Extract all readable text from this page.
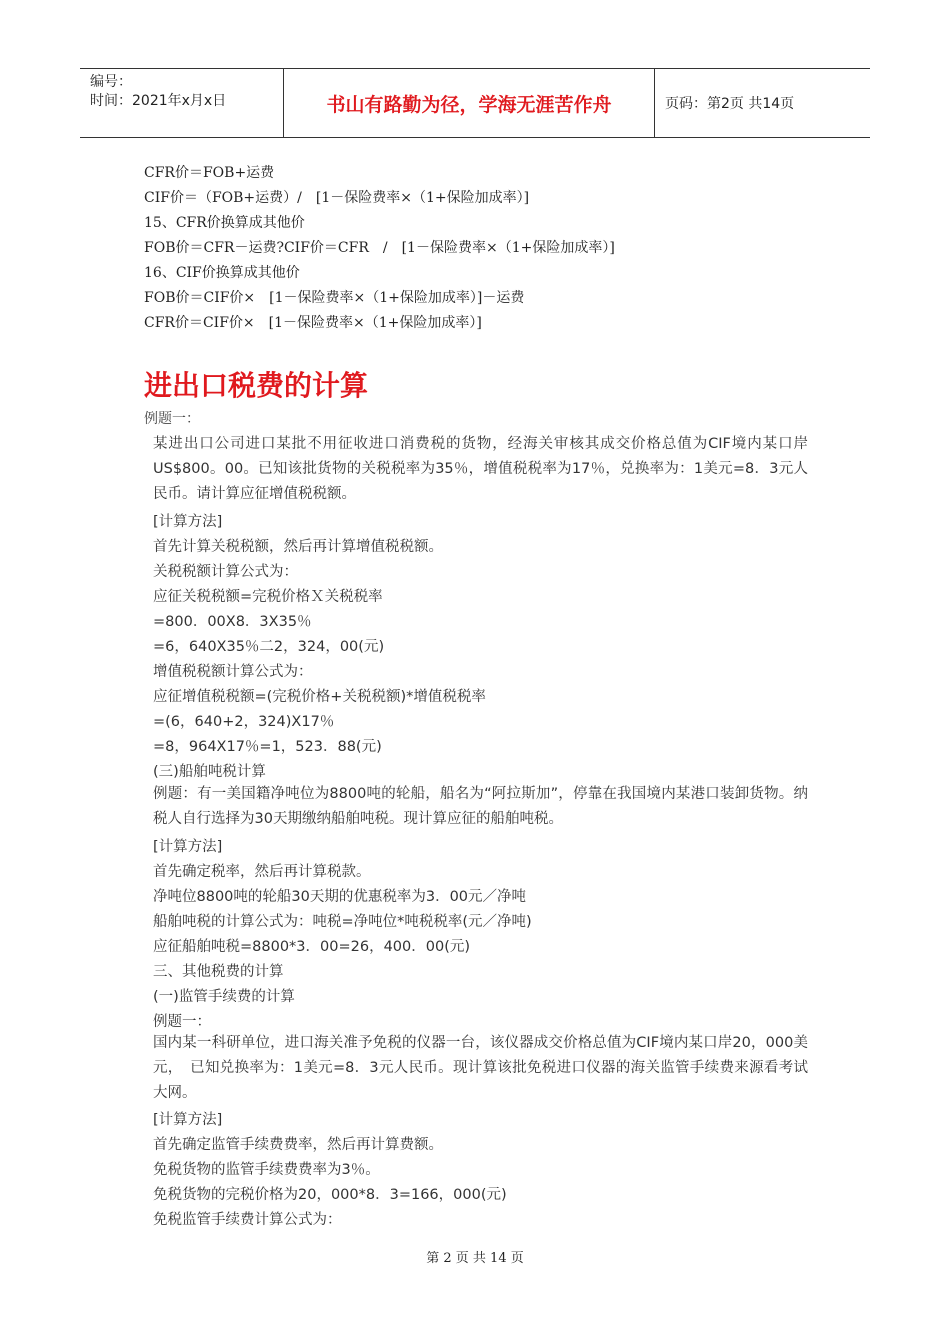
编号：
时间：2021年x月x日	书山有路勤为径，学海无涯苦作舟	页码：第2页 共14页
CFR价＝FOB+运费
CIF价＝（FOB+运费）/　[1－保险费率×（1+保险加成率）]
15、CFR价换算成其他价
FOB价＝CFR－运费?CIF价＝CFR　/　[1－保险费率×（1+保险加成率）]
16、CIF价换算成其他价
FOB价＝CIF价×　[1－保险费率×（1+保险加成率）]－运费
CFR价＝CIF价×　[1－保险费率×（1+保险加成率）]
进出口税费的计算
例题一：
某进出口公司进口某批不用征收进口消费税的货物，经海关审核其成交价格总值为CIF境内某口岸US$800。00。已知该批货物的关税税率为35％，增值税税率为17％，兑换率为：1美元=8．3元人民币。请计算应征增值税税额。
[计算方法]
首先计算关税税额，然后再计算增值税税额。
关税税额计算公式为：
应征关税税额=完税价格Ｘ关税税率
=800．00X8．3X35％
=6，640X35％二2，324，00(元)
增值税税额计算公式为：
应征增值税税额=(完税价格+关税税额)*增值税税率
=(6，640+2，324)X17％
=8，964X17％=1，523．88(元)
(三)船舶吨税计算
例题：有一美国籍净吨位为8800吨的轮船，船名为“阿拉斯加”，停靠在我国境内某港口装卸货物。纳税人自行选择为30天期缴纳船舶吨税。现计算应征的船舶吨税。
[计算方法]
首先确定税率，然后再计算税款。
净吨位8800吨的轮船30天期的优惠税率为3．00元／净吨
船舶吨税的计算公式为：吨税=净吨位*吨税税率(元／净吨)
应征船舶吨税=8800*3．00=26，400．00(元)
三、其他税费的计算
(一)监管手续费的计算
例题一：
国内某一科研单位，进口海关准予免税的仪器一台，该仪器成交价格总值为CIF境内某口岸20，000美元，　已知兑换率为：1美元=8．3元人民币。现计算该批免税进口仪器的海关监管手续费来源看考试大网。
[计算方法]
首先确定监管手续费费率，然后再计算费额。
免税货物的监管手续费费率为3％。
免税货物的完税价格为20，000*8．3=166，000(元)
免税监管手续费计算公式为：
第 2 页 共 14 页
